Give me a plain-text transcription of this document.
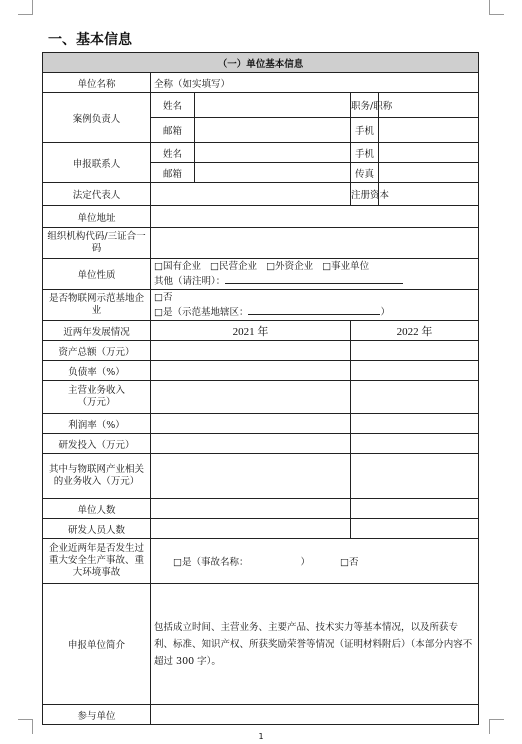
一、基本信息
（一）单位基本信息				
单位名称	全称（如实填写）			
案例负责人	姓名		职务/职称	
	邮箱		手机	
申报联系人	姓名		手机	
	邮箱		传真	
法定代表人			注册资本	
单位地址				
组织机构代码/三证合一码				
单位性质	□国有企业 □民营企业 □外资企业 □事业单位
其他（请注明）：			
是否物联网示范基地企业	□否
□是（示范基地辖区： ）			
近两年发展情况	2021 年		2022 年	
资产总额（万元）				
负债率（%）				
主营业务收入（万元）				
利润率（%）				
研发投入（万元）				
其中与物联网产业相关的业务收入（万元）				
单位人数				
研发人员人数				
企业近两年是否发生过重大安全生产事故、重大环境事故	□是（事故名称： ） □否			
申报单位简介	包括成立时间、主营业务、主要产品、技术实力等基本情况，以及所获专利、标准、知识产权、所获奖励荣誉等情况（证明材料附后）（本部分内容不超过 300 字）。			
参与单位				
1
